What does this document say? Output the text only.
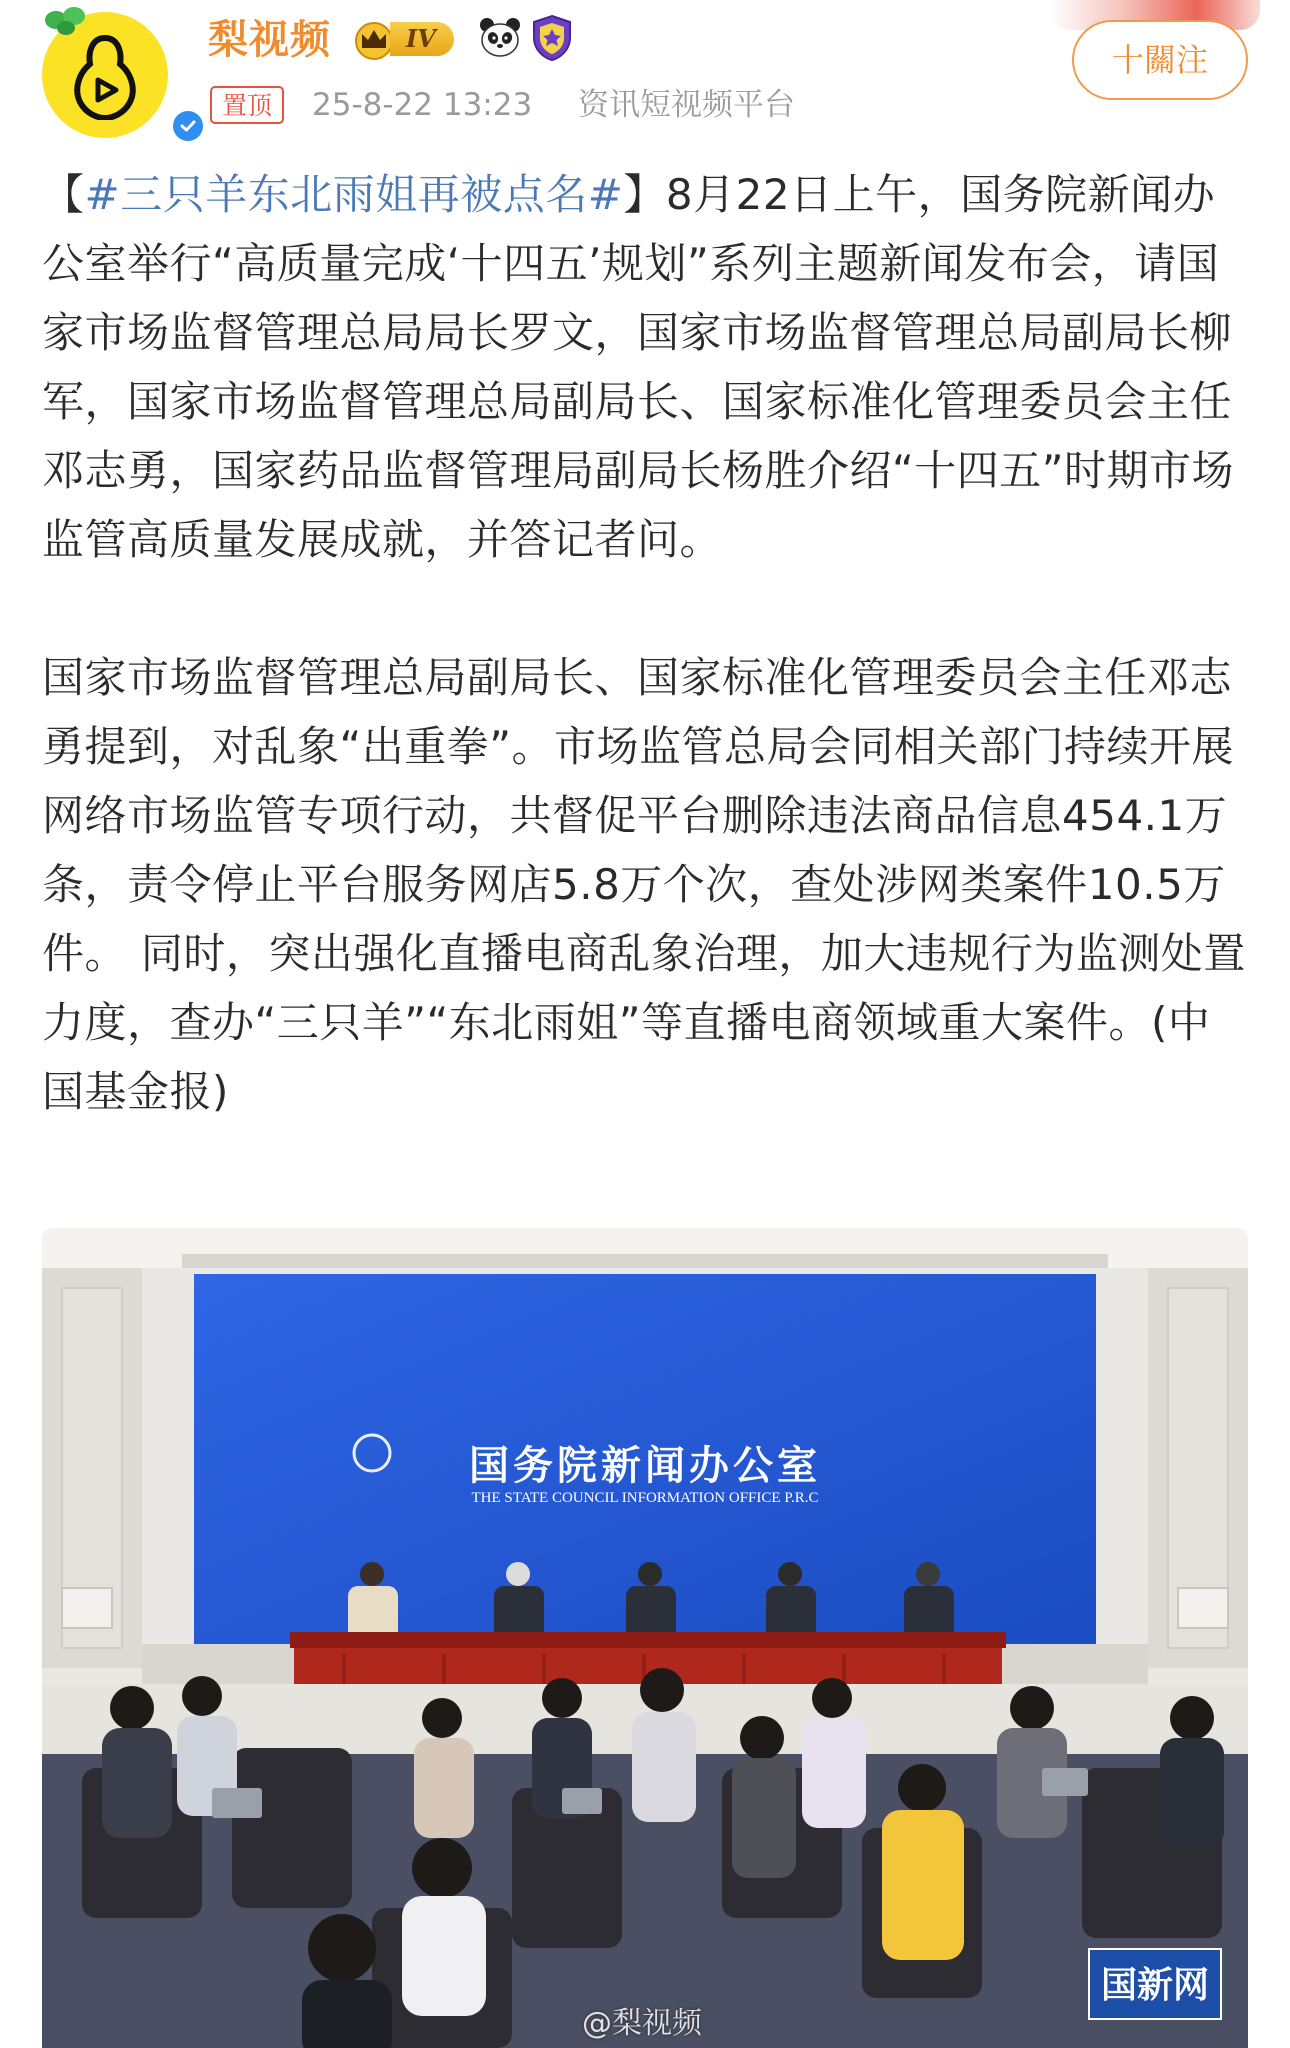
梨视频	IV
置顶	25-8-22 13:23 资讯短视频平台
十關注

【#三只羊东北雨姐再被点名#】8月22日上午，国务院新闻办公室举行“高质量完成‘十四五’规划”系列主题新闻发布会，请国家市场监督管理总局局长罗文，国家市场监督管理总局副局长柳军，国家市场监督管理总局副局长、国家标准化管理委员会主任邓志勇，国家药品监督管理局副局长杨胜介绍“十四五”时期市场监管高质量发展成就，并答记者问。

国家市场监督管理总局副局长、国家标准化管理委员会主任邓志勇提到，对乱象“出重拳”。市场监管总局会同相关部门持续开展网络市场监管专项行动，共督促平台删除违法商品信息454.1万条，责令停止平台服务网店5.8万个次，查处涉网类案件10.5万件。 同时，突出强化直播电商乱象治理，加大违规行为监测处置力度，查办“三只羊”“东北雨姐”等直播电商领域重大案件。(中国基金报)

国务院新闻办公室
THE STATE COUNCIL INFORMATION OFFICE P.R.C
国新网
@梨视频
